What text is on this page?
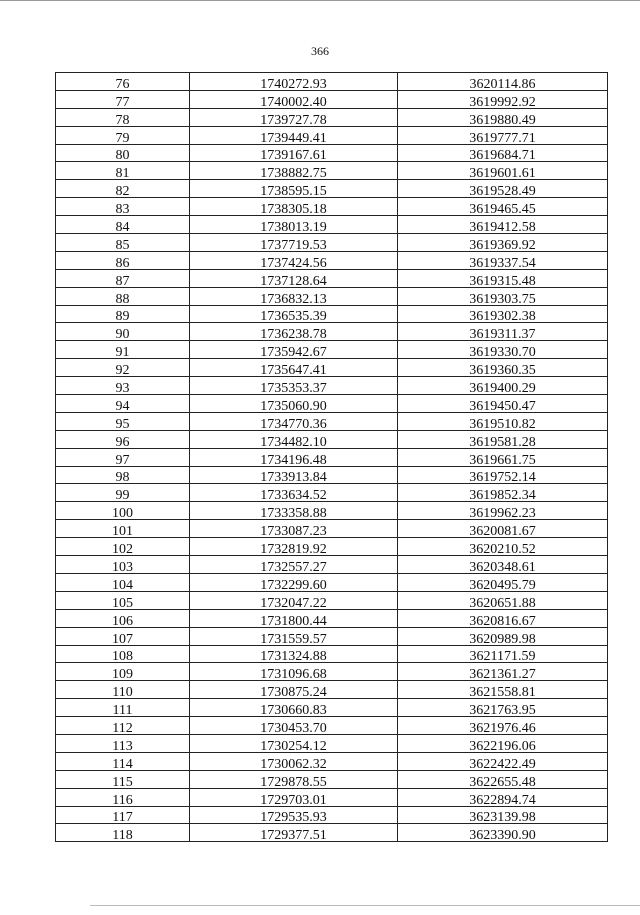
366
76	1740272.93	3620114.86
77	1740002.40	3619992.92
78	1739727.78	3619880.49
79	1739449.41	3619777.71
80	1739167.61	3619684.71
81	1738882.75	3619601.61
82	1738595.15	3619528.49
83	1738305.18	3619465.45
84	1738013.19	3619412.58
85	1737719.53	3619369.92
86	1737424.56	3619337.54
87	1737128.64	3619315.48
88	1736832.13	3619303.75
89	1736535.39	3619302.38
90	1736238.78	3619311.37
91	1735942.67	3619330.70
92	1735647.41	3619360.35
93	1735353.37	3619400.29
94	1735060.90	3619450.47
95	1734770.36	3619510.82
96	1734482.10	3619581.28
97	1734196.48	3619661.75
98	1733913.84	3619752.14
99	1733634.52	3619852.34
100	1733358.88	3619962.23
101	1733087.23	3620081.67
102	1732819.92	3620210.52
103	1732557.27	3620348.61
104	1732299.60	3620495.79
105	1732047.22	3620651.88
106	1731800.44	3620816.67
107	1731559.57	3620989.98
108	1731324.88	3621171.59
109	1731096.68	3621361.27
110	1730875.24	3621558.81
111	1730660.83	3621763.95
112	1730453.70	3621976.46
113	1730254.12	3622196.06
114	1730062.32	3622422.49
115	1729878.55	3622655.48
116	1729703.01	3622894.74
117	1729535.93	3623139.98
118	1729377.51	3623390.90
